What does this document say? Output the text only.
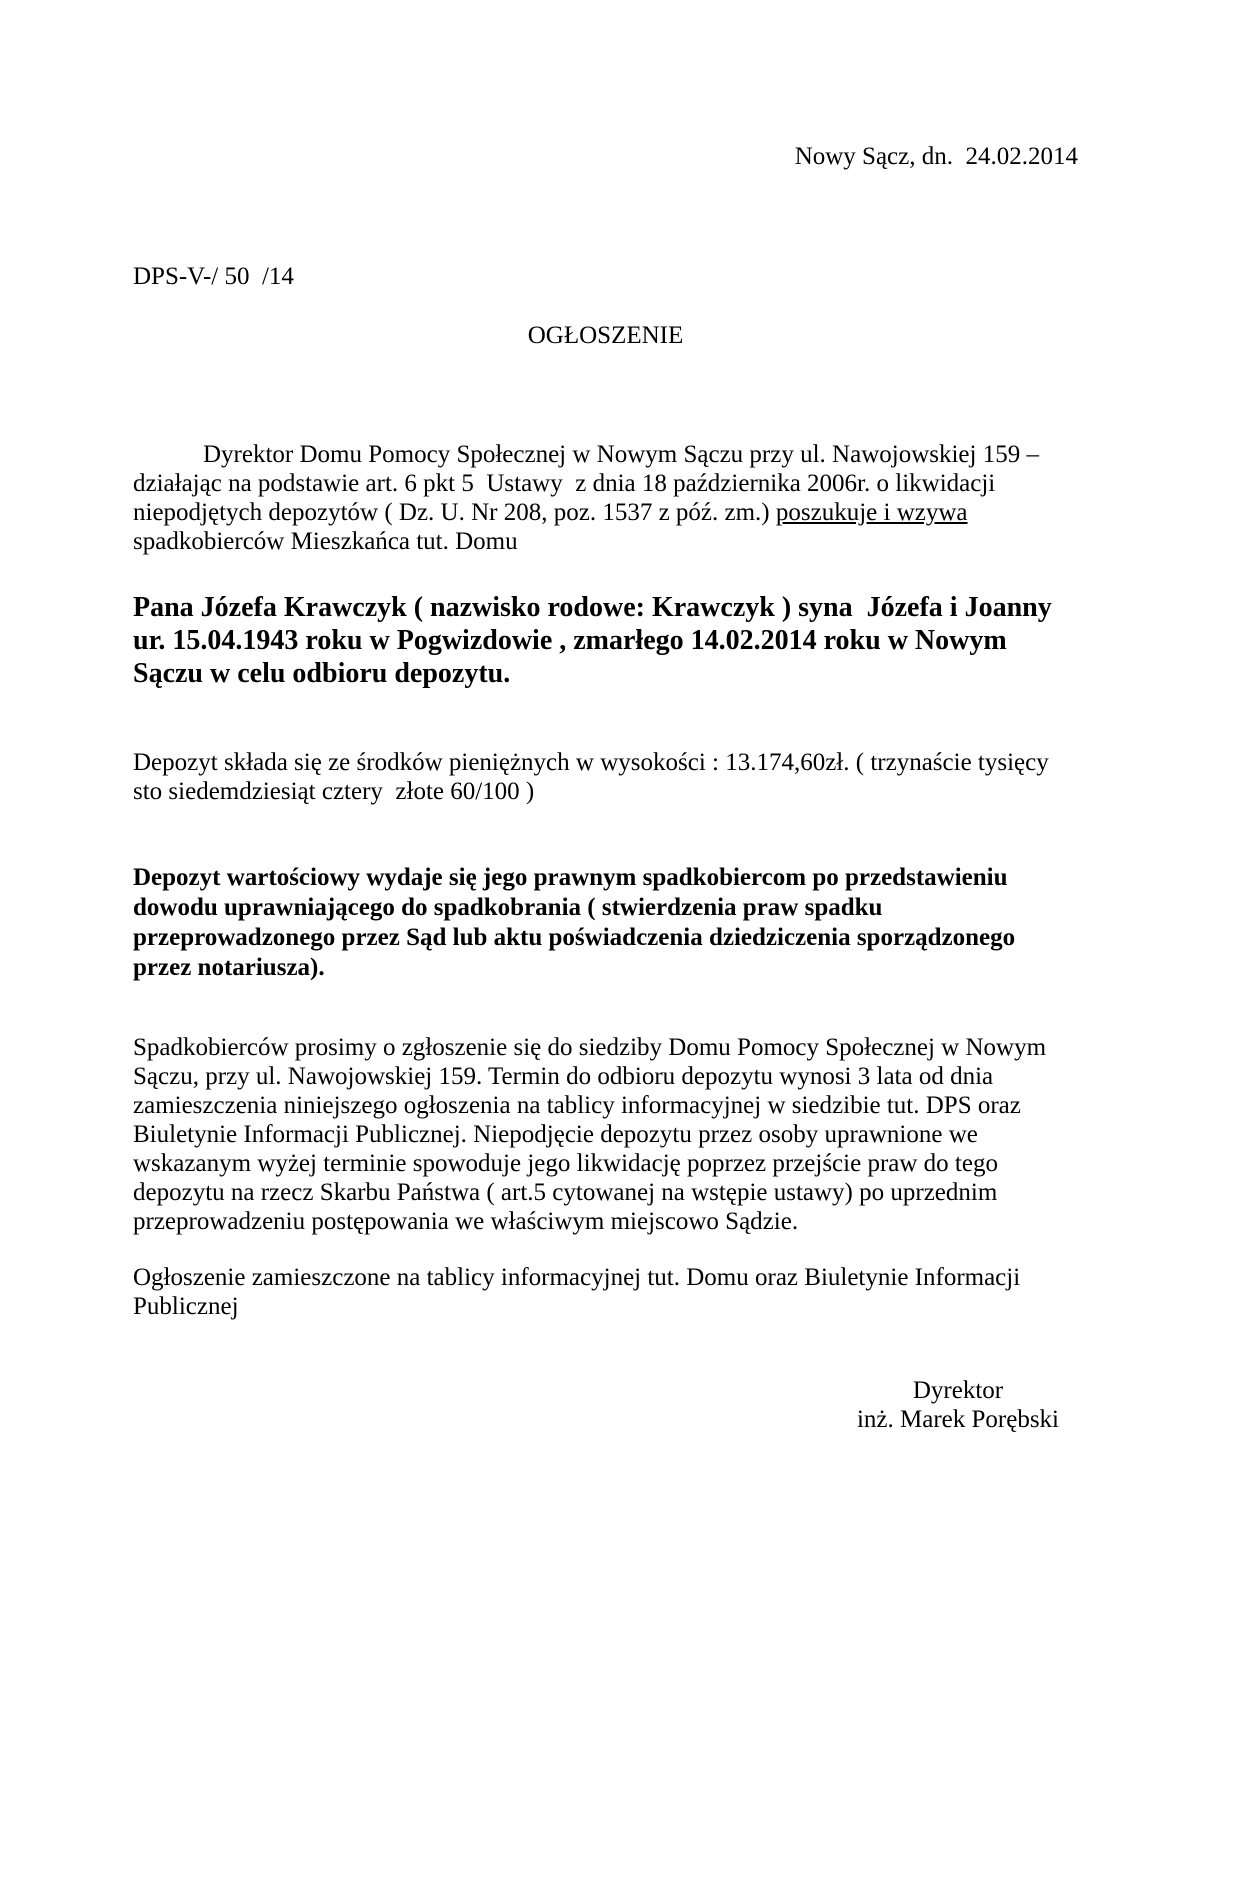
Nowy Sącz, dn.  24.02.2014
DPS-V-/ 50  /14
OGŁOSZENIE

Dyrektor Domu Pomocy Społecznej w Nowym Sączu przy ul. Nawojowskiej 159 – działając na podstawie art. 6 pkt 5  Ustawy  z dnia 18 października 2006r. o likwidacji niepodjętych depozytów ( Dz. U. Nr 208, poz. 1537 z póź. zm.) poszukuje i wzywa spadkobierców Mieszkańca tut. Domu

Pana Józefa Krawczyk ( nazwisko rodowe: Krawczyk ) syna  Józefa i Joanny ur. 15.04.1943 roku w Pogwizdowie , zmarłego 14.02.2014 roku w Nowym Sączu w celu odbioru depozytu.

Depozyt składa się ze środków pieniężnych w wysokości : 13.174,60zł. ( trzynaście tysięcy sto siedemdziesiąt cztery  złote 60/100 )

Depozyt wartościowy wydaje się jego prawnym spadkobiercom po przedstawieniu dowodu uprawniającego do spadkobrania ( stwierdzenia praw spadku przeprowadzonego przez Sąd lub aktu poświadczenia dziedziczenia sporządzonego przez notariusza).

Spadkobierców prosimy o zgłoszenie się do siedziby Domu Pomocy Społecznej w Nowym Sączu, przy ul. Nawojowskiej 159. Termin do odbioru depozytu wynosi 3 lata od dnia zamieszczenia niniejszego ogłoszenia na tablicy informacyjnej w siedzibie tut. DPS oraz Biuletynie Informacji Publicznej. Niepodjęcie depozytu przez osoby uprawnione we wskazanym wyżej terminie spowoduje jego likwidację poprzez przejście praw do tego depozytu na rzecz Skarbu Państwa ( art.5 cytowanej na wstępie ustawy) po uprzednim przeprowadzeniu postępowania we właściwym miejscowo Sądzie.

Ogłoszenie zamieszczone na tablicy informacyjnej tut. Domu oraz Biuletynie Informacji Publicznej

Dyrektor
inż. Marek Porębski
